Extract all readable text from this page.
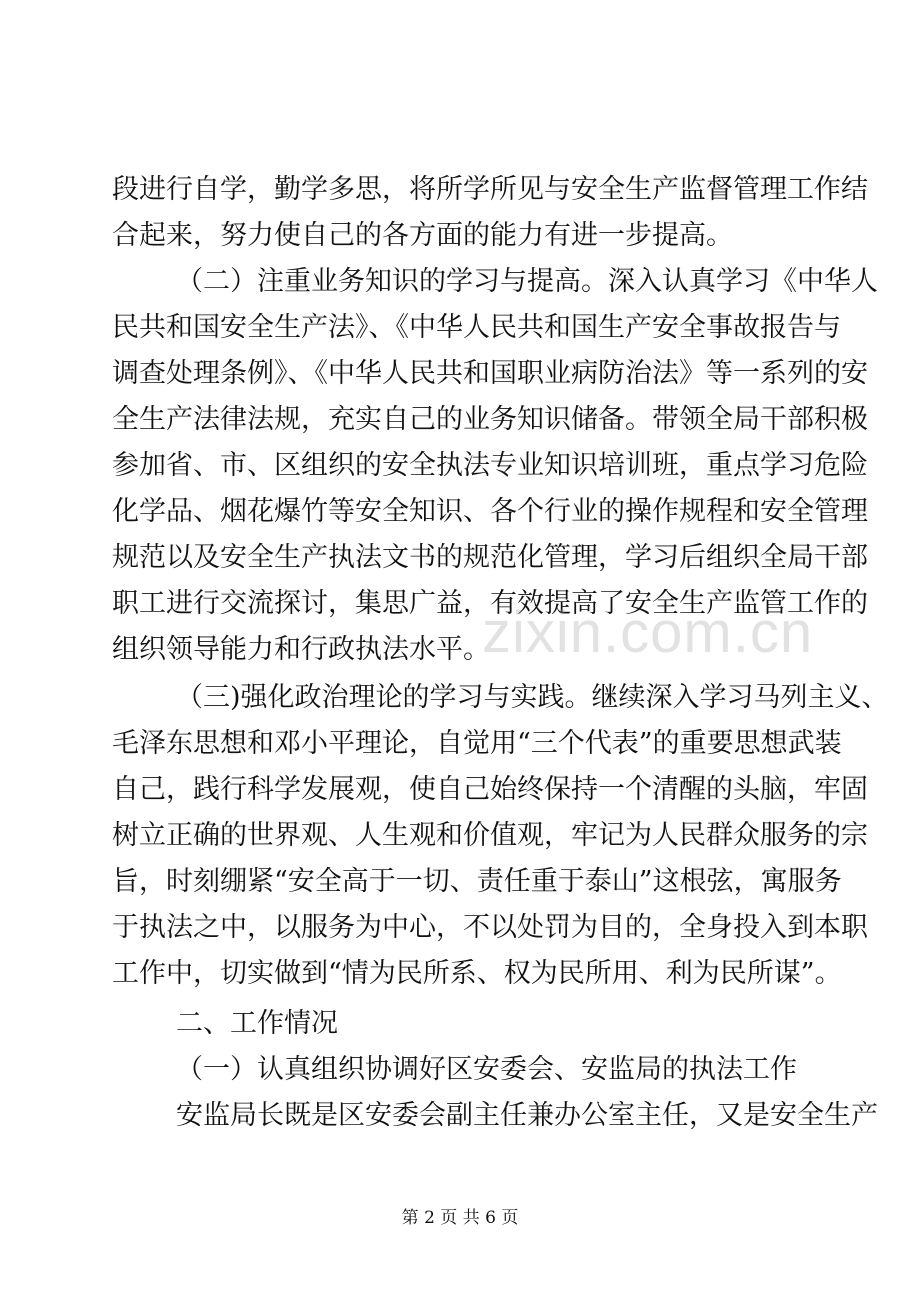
段进行自学，勤学多思，将所学所见与安全生产监督管理工作结
合起来，努力使自己的各方面的能力有进一步提高。
（二）注重业务知识的学习与提高。深入认真学习《中华人
民共和国安全生产法》、《中华人民共和国生产安全事故报告与
调查处理条例》、《中华人民共和国职业病防治法》等一系列的安
全生产法律法规，充实自己的业务知识储备。带领全局干部积极
参加省、市、区组织的安全执法专业知识培训班，重点学习危险
化学品、烟花爆竹等安全知识、各个行业的操作规程和安全管理
规范以及安全生产执法文书的规范化管理，学习后组织全局干部
职工进行交流探讨，集思广益，有效提高了安全生产监管工作的
组织领导能力和行政执法水平。
（三)强化政治理论的学习与实践。继续深入学习马列主义、
毛泽东思想和邓小平理论，自觉用“三个代表”的重要思想武装
自己，践行科学发展观，使自己始终保持一个清醒的头脑，牢固
树立正确的世界观、人生观和价值观，牢记为人民群众服务的宗
旨，时刻绷紧“安全高于一切、责任重于泰山”这根弦，寓服务
于执法之中，以服务为中心，不以处罚为目的，全身投入到本职
工作中，切实做到“情为民所系、权为民所用、利为民所谋”。
二、工作情况
（一）认真组织协调好区安委会、安监局的执法工作
安监局长既是区安委会副主任兼办公室主任，又是安全生产
zixin.com.cn
第 2 页 共 6 页
